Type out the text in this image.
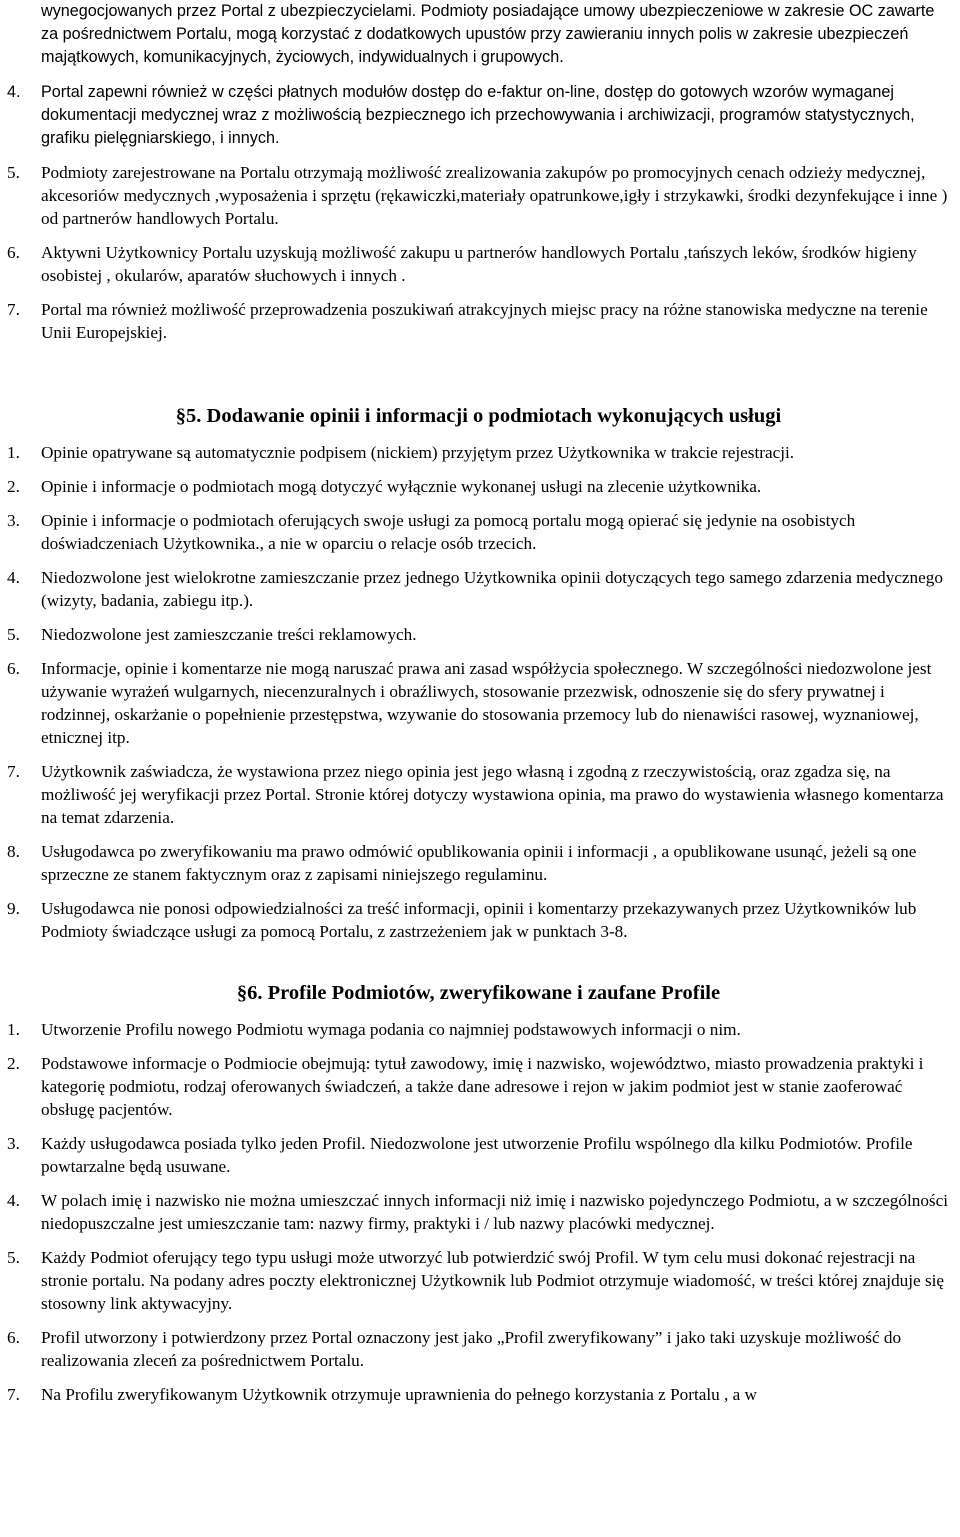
wynegocjowanych przez Portal z ubezpieczycielami. Podmioty posiadające umowy ubezpieczeniowe w zakresie OC zawarte za pośrednictwem Portalu, mogą korzystać z dodatkowych upustów przy zawieraniu innych polis w zakresie ubezpieczeń majątkowych, komunikacyjnych, życiowych, indywidualnych i grupowych.

4. Portal zapewni również w części płatnych modułów dostęp do e-faktur on-line, dostęp do gotowych wzorów wymaganej dokumentacji medycznej wraz z możliwością bezpiecznego ich przechowywania i archiwizacji, programów statystycznych, grafiku pielęgniarskiego, i innych.
5. Podmioty zarejestrowane na Portalu otrzymają możliwość zrealizowania zakupów po promocyjnych cenach odzieży medycznej, akcesoriów medycznych ,wyposażenia i sprzętu (rękawiczki,materiały opatrunkowe,igły i strzykawki, środki dezynfekujące i inne ) od partnerów handlowych Portalu.
6. Aktywni Użytkownicy Portalu uzyskują możliwość zakupu u partnerów handlowych Portalu ,tańszych leków, środków higieny osobistej , okularów, aparatów słuchowych i innych .
7. Portal ma również możliwość przeprowadzenia poszukiwań atrakcyjnych miejsc pracy na różne stanowiska medyczne na terenie Unii Europejskiej.
§5. Dodawanie opinii i informacji o podmiotach wykonujących usługi
1. Opinie opatrywane są automatycznie podpisem (nickiem) przyjętym przez Użytkownika w trakcie rejestracji.
2. Opinie i informacje o podmiotach mogą dotyczyć wyłącznie wykonanej usługi na zlecenie użytkownika.
3. Opinie i informacje o podmiotach oferujących swoje usługi za pomocą portalu mogą opierać się jedynie na osobistych doświadczeniach Użytkownika., a nie w oparciu o relacje osób trzecich.
4. Niedozwolone jest wielokrotne zamieszczanie przez jednego Użytkownika opinii dotyczących tego samego zdarzenia medycznego (wizyty, badania, zabiegu itp.).
5. Niedozwolone jest zamieszczanie treści reklamowych.
6. Informacje, opinie i komentarze nie mogą naruszać prawa ani zasad współżycia społecznego. W szczególności niedozwolone jest używanie wyrażeń wulgarnych, niecenzuralnych i obraźliwych, stosowanie przezwisk, odnoszenie się do sfery prywatnej i rodzinnej, oskarżanie o popełnienie przestępstwa, wzywanie do stosowania przemocy lub do nienawiści rasowej, wyznaniowej, etnicznej itp.
7. Użytkownik zaświadcza, że wystawiona przez niego opinia jest jego własną i zgodną z rzeczywistością, oraz zgadza się, na możliwość jej weryfikacji przez Portal. Stronie której dotyczy wystawiona opinia, ma prawo do wystawienia własnego komentarza na temat zdarzenia.
8. Usługodawca po zweryfikowaniu ma prawo odmówić opublikowania opinii i informacji , a opublikowane usunąć, jeżeli są one sprzeczne ze stanem faktycznym oraz z zapisami niniejszego regulaminu.
9. Usługodawca nie ponosi odpowiedzialności za treść informacji, opinii i komentarzy przekazywanych przez Użytkowników lub Podmioty świadczące usługi za pomocą Portalu, z zastrzeżeniem jak w punktach 3-8.
§6. Profile Podmiotów, zweryfikowane i zaufane Profile
1. Utworzenie Profilu nowego Podmiotu wymaga podania co najmniej podstawowych informacji o nim.
2. Podstawowe informacje o Podmiocie obejmują: tytuł zawodowy, imię i nazwisko, województwo, miasto prowadzenia praktyki i kategorię podmiotu, rodzaj oferowanych świadczeń, a także dane adresowe i rejon w jakim podmiot jest w stanie zaoferować obsługę pacjentów.
3. Każdy usługodawca posiada tylko jeden Profil. Niedozwolone jest utworzenie Profilu wspólnego dla kilku Podmiotów. Profile powtarzalne będą usuwane.
4. W polach imię i nazwisko nie można umieszczać innych informacji niż imię i nazwisko pojedynczego Podmiotu, a w szczególności niedopuszczalne jest umieszczanie tam: nazwy firmy, praktyki i / lub nazwy placówki medycznej.
5. Każdy Podmiot oferujący tego typu usługi może utworzyć lub potwierdzić swój Profil. W tym celu musi dokonać rejestracji na stronie portalu. Na podany adres poczty elektronicznej Użytkownik lub Podmiot otrzymuje wiadomość, w treści której znajduje się stosowny link aktywacyjny.
6. Profil utworzony i potwierdzony przez Portal oznaczony jest jako „Profil zweryfikowany” i jako taki uzyskuje możliwość do realizowania zleceń za pośrednictwem Portalu.
7. Na Profilu zweryfikowanym Użytkownik otrzymuje uprawnienia do pełnego korzystania z Portalu , a w
